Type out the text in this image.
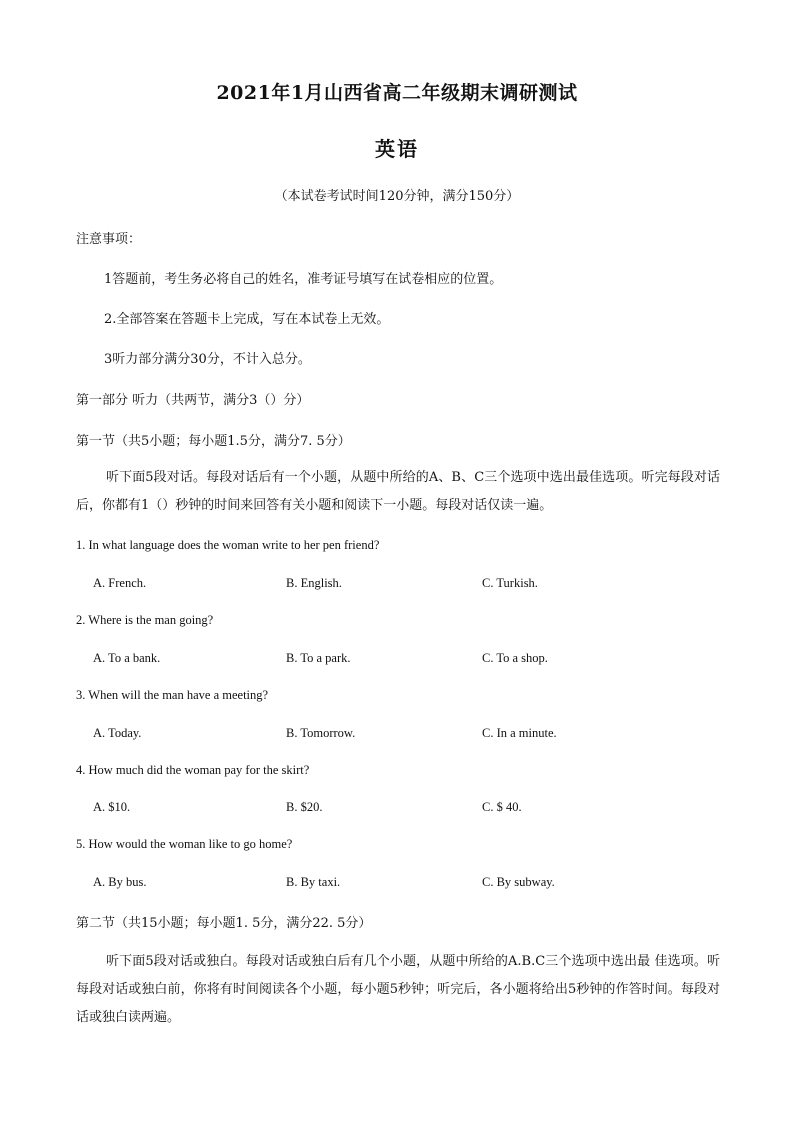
2021年1月山西省高二年级期末调研测试
英语
（本试卷考试时间120分钟，满分150分）
注意事项：
1答题前，考生务必将自己的姓名，准考证号填写在试卷相应的位置。
2.全部答案在答题卡上完成，写在本试卷上无效。
3听力部分满分30分，不计入总分。
第一部分 听力（共两节，满分3（）分）
第一节（共5小题；每小题1.5分，满分7. 5分）
听下面5段对话。每段对话后有一个小题，从题中所给的A、B、C三个选项中选出最佳选项。听完每段对话后，你都有1（）秒钟的时间来回答有关小题和阅读下一小题。每段对话仅读一遍。
1. In what language does the woman write to her pen friend?
A. French.	B. English.	C. Turkish.
2. Where is the man going?
A. To a bank.	B. To a park.	C. To a shop.
3. When will the man have a meeting?
A. Today.	B. Tomorrow.	C. In a minute.
4. How much did the woman pay for the skirt?
A. $10.	B. $20.	C. $ 40.
5. How would the woman like to go home?
A. By bus.	B. By taxi.	C. By subway.
第二节（共15小题；每小题1. 5分，满分22. 5分）
听下面5段对话或独白。每段对话或独白后有几个小题，从题中所给的A.B.C三个选项中选出最 佳选项。听每段对话或独白前，你将有时间阅读各个小题，每小题5秒钟；听完后，各小题将给出5秒钟的作答时间。每段对话或独白读两遍。
